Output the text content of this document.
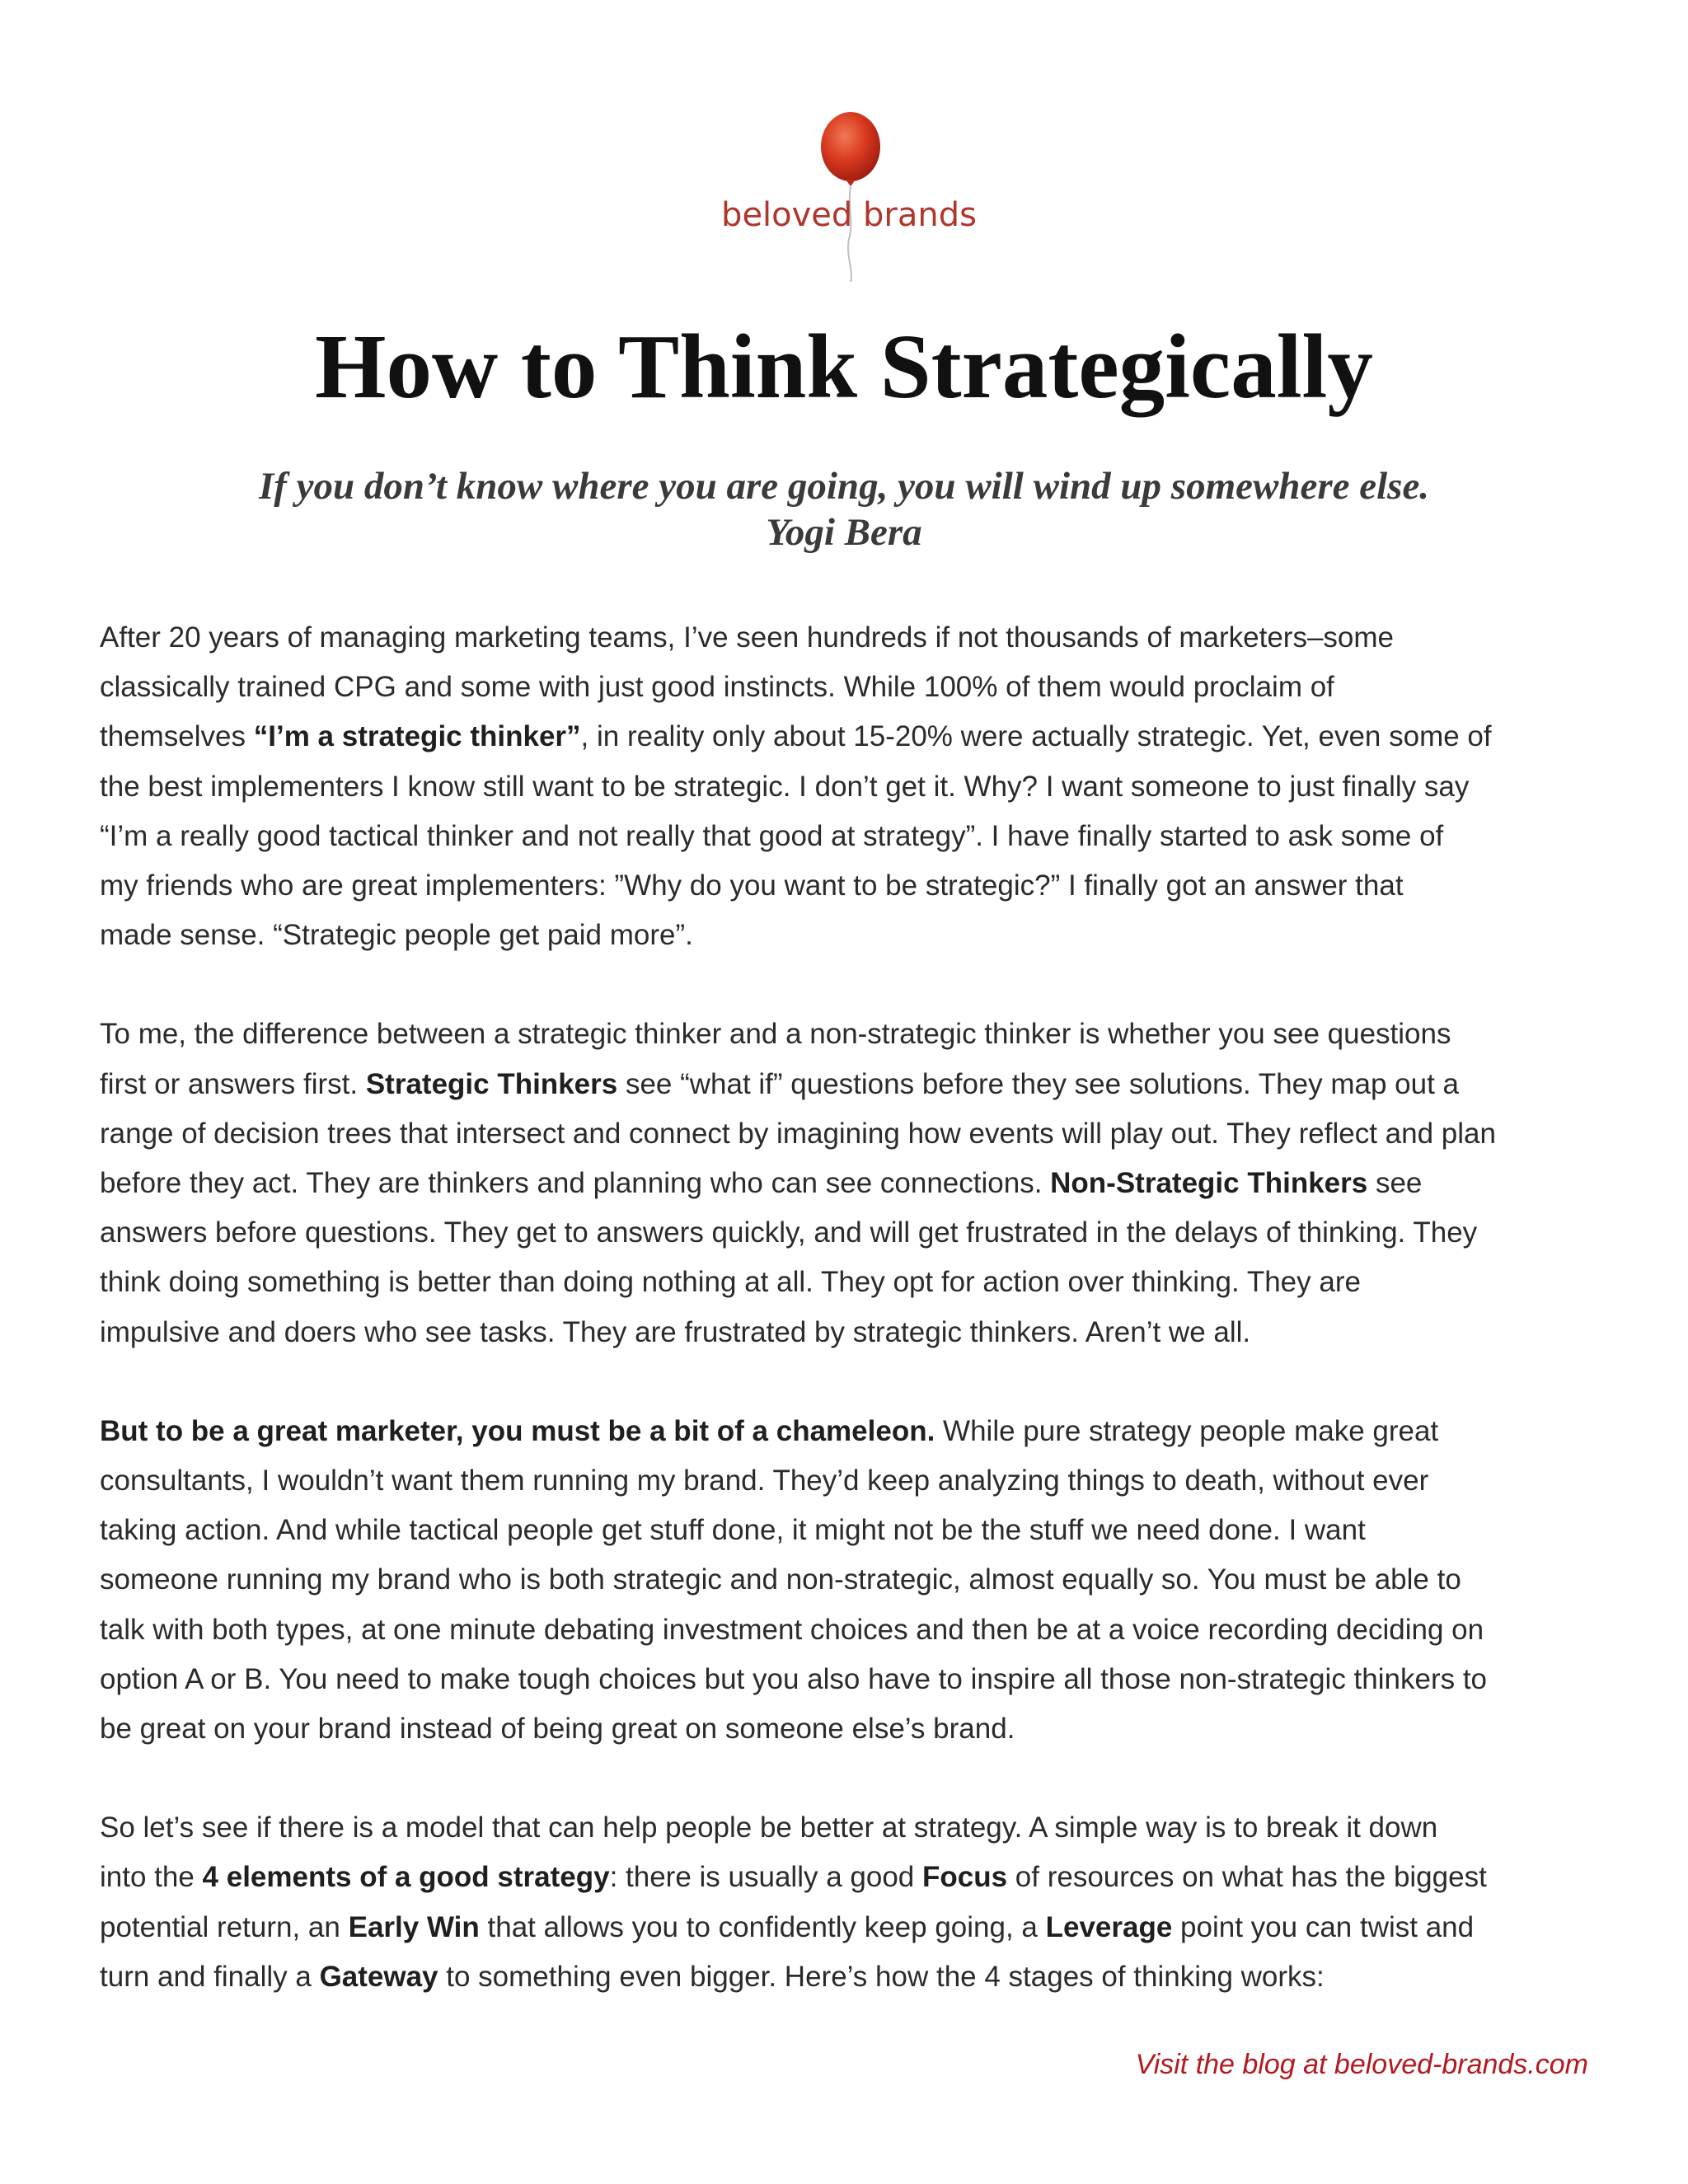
beloved brands
How to Think Strategically
If you don’t know where you are going, you will wind up somewhere else.
Yogi Bera

After 20 years of managing marketing teams, I’ve seen hundreds if not thousands of marketers–some
classically trained CPG and some with just good instincts. While 100% of them would proclaim of
themselves “I’m a strategic thinker”, in reality only about 15-20% were actually strategic. Yet, even some of
the best implementers I know still want to be strategic. I don’t get it. Why? I want someone to just finally say
“I’m a really good tactical thinker and not really that good at strategy”. I have finally started to ask some of
my friends who are great implementers: ”Why do you want to be strategic?” I finally got an answer that
made sense. “Strategic people get paid more”.

To me, the difference between a strategic thinker and a non-strategic thinker is whether you see questions
first or answers first. Strategic Thinkers see “what if” questions before they see solutions. They map out a
range of decision trees that intersect and connect by imagining how events will play out. They reflect and plan
before they act. They are thinkers and planning who can see connections. Non-Strategic Thinkers see
answers before questions. They get to answers quickly, and will get frustrated in the delays of thinking. They
think doing something is better than doing nothing at all. They opt for action over thinking. They are
impulsive and doers who see tasks. They are frustrated by strategic thinkers. Aren’t we all.

But to be a great marketer, you must be a bit of a chameleon. While pure strategy people make great
consultants, I wouldn’t want them running my brand. They’d keep analyzing things to death, without ever
taking action. And while tactical people get stuff done, it might not be the stuff we need done. I want
someone running my brand who is both strategic and non-strategic, almost equally so. You must be able to
talk with both types, at one minute debating investment choices and then be at a voice recording deciding on
option A or B. You need to make tough choices but you also have to inspire all those non-strategic thinkers to
be great on your brand instead of being great on someone else’s brand.

So let’s see if there is a model that can help people be better at strategy. A simple way is to break it down
into the 4 elements of a good strategy: there is usually a good Focus of resources on what has the biggest
potential return, an Early Win that allows you to confidently keep going, a Leverage point you can twist and
turn and finally a Gateway to something even bigger. Here’s how the 4 stages of thinking works:

Visit the blog at beloved-brands.com
